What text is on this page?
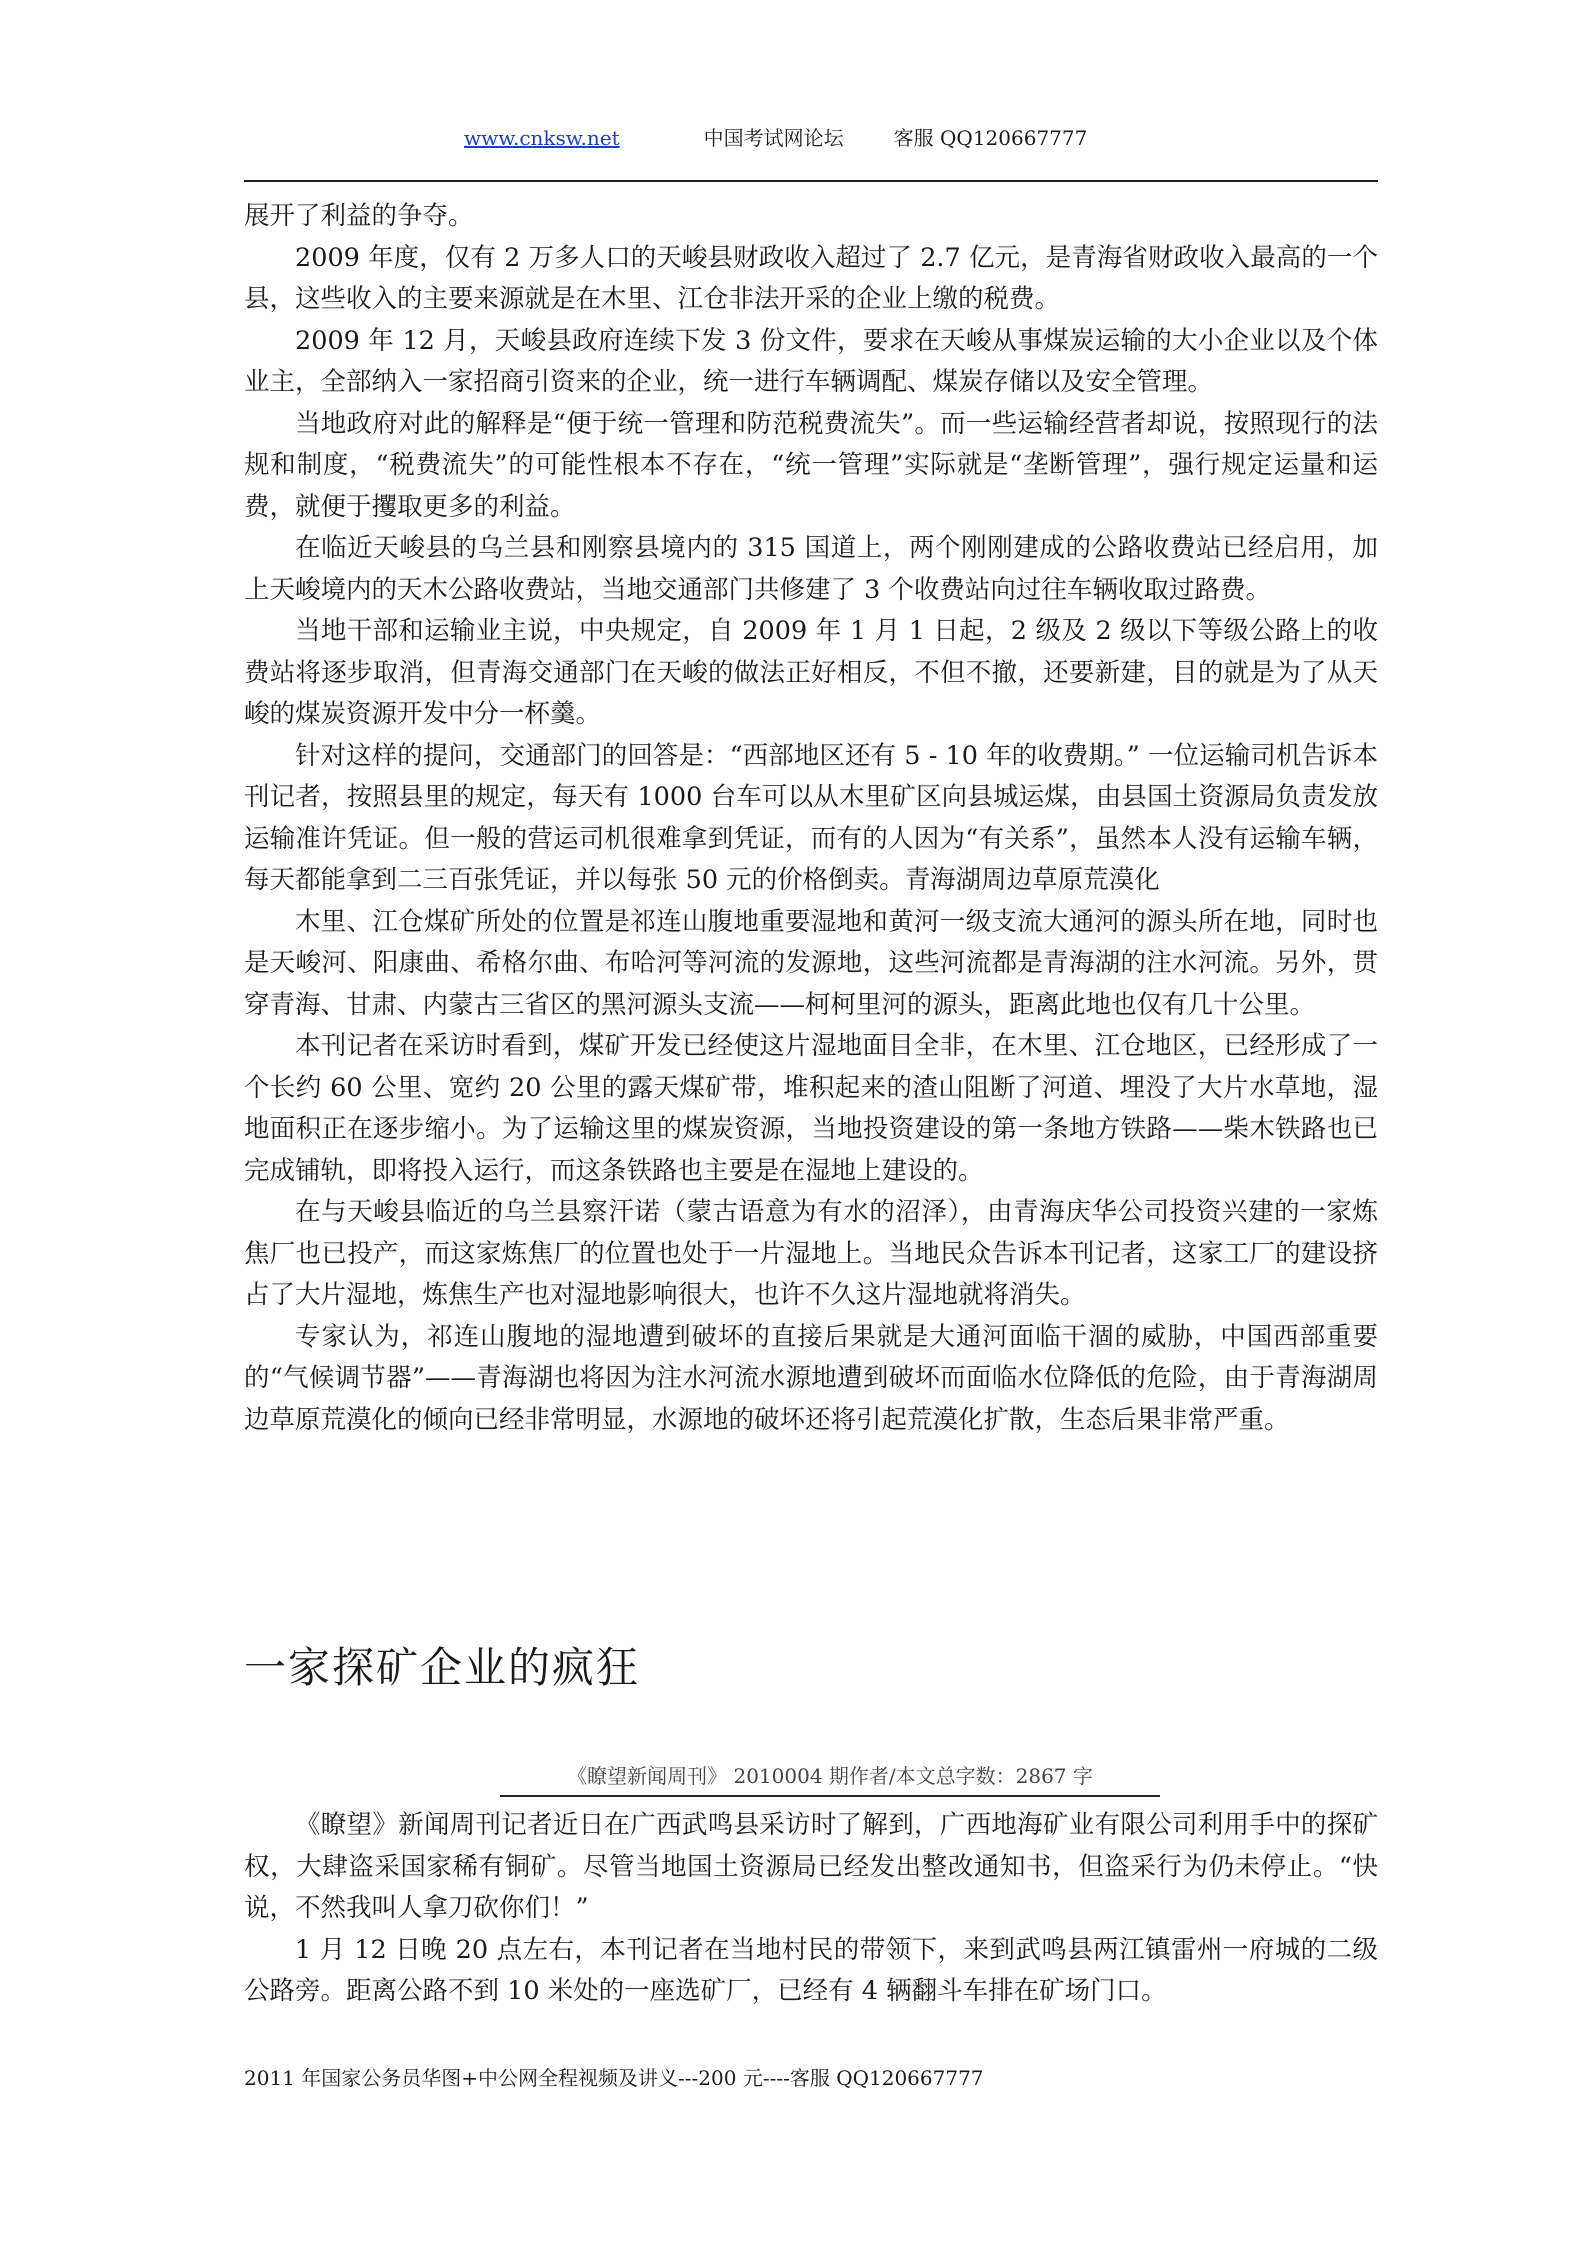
www.cnksw.net	中国考试网论坛	客服 QQ120667777

展开了利益的争夺。

2009 年度，仅有 2 万多人口的天峻县财政收入超过了 2.7 亿元，是青海省财政收入最高的一个县，这些收入的主要来源就是在木里、江仓非法开采的企业上缴的税费。

2009 年 12 月，天峻县政府连续下发 3 份文件，要求在天峻从事煤炭运输的大小企业以及个体业主，全部纳入一家招商引资来的企业，统一进行车辆调配、煤炭存储以及安全管理。

当地政府对此的解释是“便于统一管理和防范税费流失”。而一些运输经营者却说，按照现行的法规和制度，“税费流失”的可能性根本不存在，“统一管理”实际就是“垄断管理”，强行规定运量和运费，就便于攫取更多的利益。

在临近天峻县的乌兰县和刚察县境内的 315 国道上，两个刚刚建成的公路收费站已经启用，加上天峻境内的天木公路收费站，当地交通部门共修建了 3 个收费站向过往车辆收取过路费。

当地干部和运输业主说，中央规定，自 2009 年 1 月 1 日起，2 级及 2 级以下等级公路上的收费站将逐步取消，但青海交通部门在天峻的做法正好相反，不但不撤，还要新建，目的就是为了从天峻的煤炭资源开发中分一杯羹。

针对这样的提问，交通部门的回答是：“西部地区还有 5 - 10 年的收费期。” 一位运输司机告诉本刊记者，按照县里的规定，每天有 1000 台车可以从木里矿区向县城运煤，由县国土资源局负责发放运输准许凭证。但一般的营运司机很难拿到凭证，而有的人因为“有关系”，虽然本人没有运输车辆，每天都能拿到二三百张凭证，并以每张 50 元的价格倒卖。青海湖周边草原荒漠化

木里、江仓煤矿所处的位置是祁连山腹地重要湿地和黄河一级支流大通河的源头所在地，同时也是天峻河、阳康曲、希格尔曲、布哈河等河流的发源地，这些河流都是青海湖的注水河流。另外，贯穿青海、甘肃、内蒙古三省区的黑河源头支流——柯柯里河的源头，距离此地也仅有几十公里。

本刊记者在采访时看到，煤矿开发已经使这片湿地面目全非，在木里、江仓地区，已经形成了一个长约 60 公里、宽约 20 公里的露天煤矿带，堆积起来的渣山阻断了河道、埋没了大片水草地，湿地面积正在逐步缩小。为了运输这里的煤炭资源，当地投资建设的第一条地方铁路——柴木铁路也已完成铺轨，即将投入运行，而这条铁路也主要是在湿地上建设的。

在与天峻县临近的乌兰县察汗诺（蒙古语意为有水的沼泽），由青海庆华公司投资兴建的一家炼焦厂也已投产，而这家炼焦厂的位置也处于一片湿地上。当地民众告诉本刊记者，这家工厂的建设挤占了大片湿地，炼焦生产也对湿地影响很大，也许不久这片湿地就将消失。

专家认为，祁连山腹地的湿地遭到破坏的直接后果就是大通河面临干涸的威胁，中国西部重要的“气候调节器”——青海湖也将因为注水河流水源地遭到破坏而面临水位降低的危险，由于青海湖周边草原荒漠化的倾向已经非常明显，水源地的破坏还将引起荒漠化扩散，生态后果非常严重。

一家探矿企业的疯狂
《瞭望新闻周刊》 2010004 期作者/本文总字数：2867 字

《瞭望》新闻周刊记者近日在广西武鸣县采访时了解到，广西地海矿业有限公司利用手中的探矿权，大肆盗采国家稀有铜矿。尽管当地国土资源局已经发出整改通知书，但盗采行为仍未停止。“快说，不然我叫人拿刀砍你们！”

1 月 12 日晚 20 点左右，本刊记者在当地村民的带领下，来到武鸣县两江镇雷州一府城的二级公路旁。距离公路不到 10 米处的一座选矿厂，已经有 4 辆翻斗车排在矿场门口。

2011 年国家公务员华图+中公网全程视频及讲义---200 元----客服 QQ120667777
